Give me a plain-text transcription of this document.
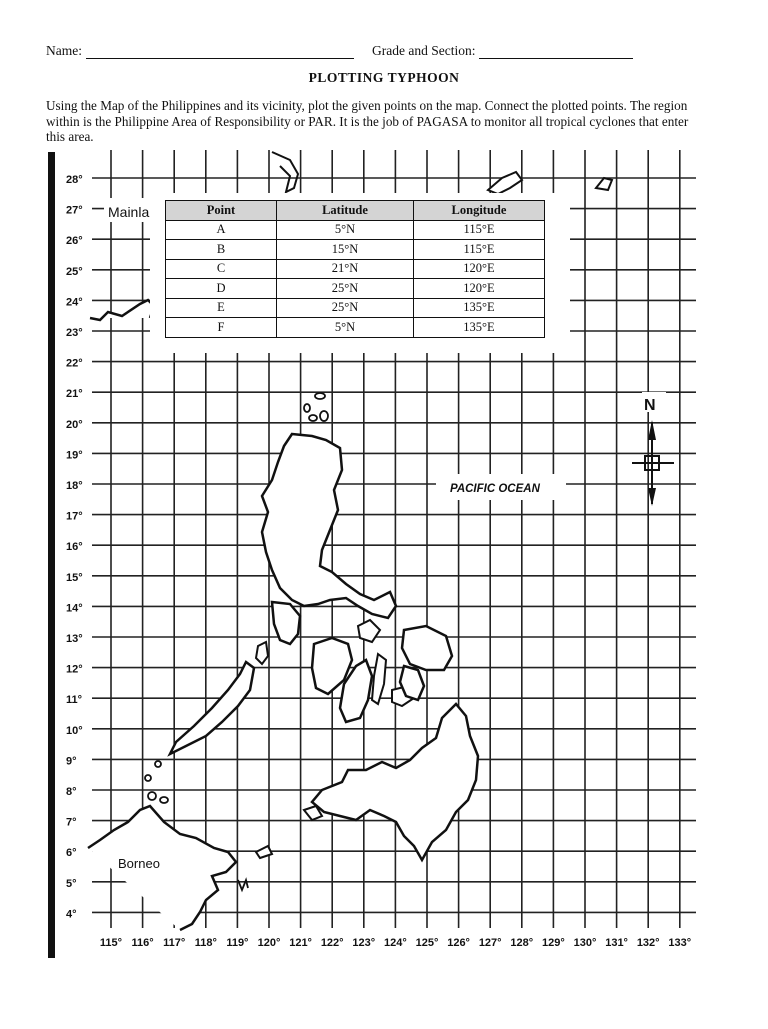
Name:	Grade and Section:
PLOTTING TYPHOON
Using the Map of the Philippines and its vicinity, plot the given points on the map. Connect the plotted points. The region within is the Philippine Area of Responsibility or PAR. It is the job of PAGASA to monitor all tropical cyclones that enter this area.
28°
27°
26°
25°
24°
23°
22°
21°
20°
19°
18°
17°
16°
15°
14°
13°
12°
11°
10°
9°
8°
7°
6°
5°
4°
115° 116° 117° 118° 119° 120° 121° 122° 123° 124° 125° 126° 127° 128° 129° 130° 131° 132° 133°
Mainla
Borneo
PACIFIC OCEAN
N
Point	Latitude	Longitude
A	5°N	115°E
B	15°N	115°E
C	21°N	120°E
D	25°N	120°E
E	25°N	135°E
F	5°N	135°E
